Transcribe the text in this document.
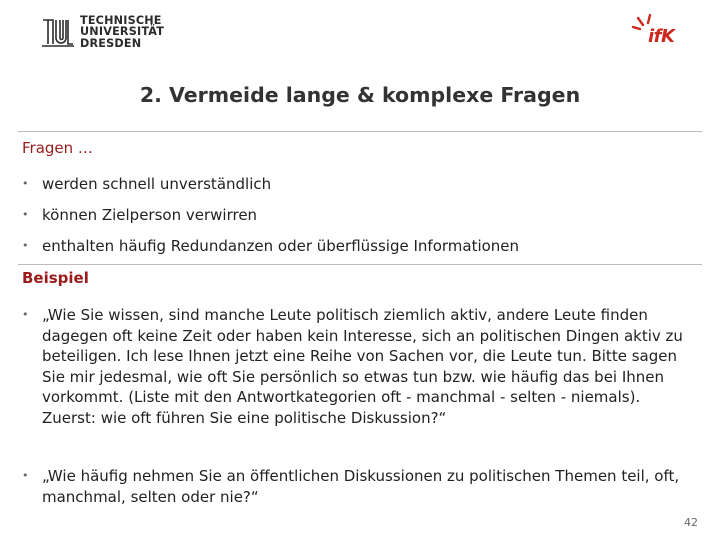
TECHNISCHE
UNIVERSITÄT
DRESDEN	ifK
2. Vermeide lange & komplexe Fragen
Fragen …
• werden schnell unverständlich
• können Zielperson verwirren
• enthalten häufig Redundanzen oder überflüssige Informationen
Beispiel
• „Wie Sie wissen, sind manche Leute politisch ziemlich aktiv, andere Leute finden dagegen oft keine Zeit oder haben kein Interesse, sich an politischen Dingen aktiv zu beteiligen. Ich lese Ihnen jetzt eine Reihe von Sachen vor, die Leute tun. Bitte sagen Sie mir jedesmal, wie oft Sie persönlich so etwas tun bzw. wie häufig das bei Ihnen vorkommt. (Liste mit den Antwortkategorien oft - manchmal - selten - niemals). Zuerst: wie oft führen Sie eine politische Diskussion?“
• „Wie häufig nehmen Sie an öffentlichen Diskussionen zu politischen Themen teil, oft, manchmal, selten oder nie?“
42
